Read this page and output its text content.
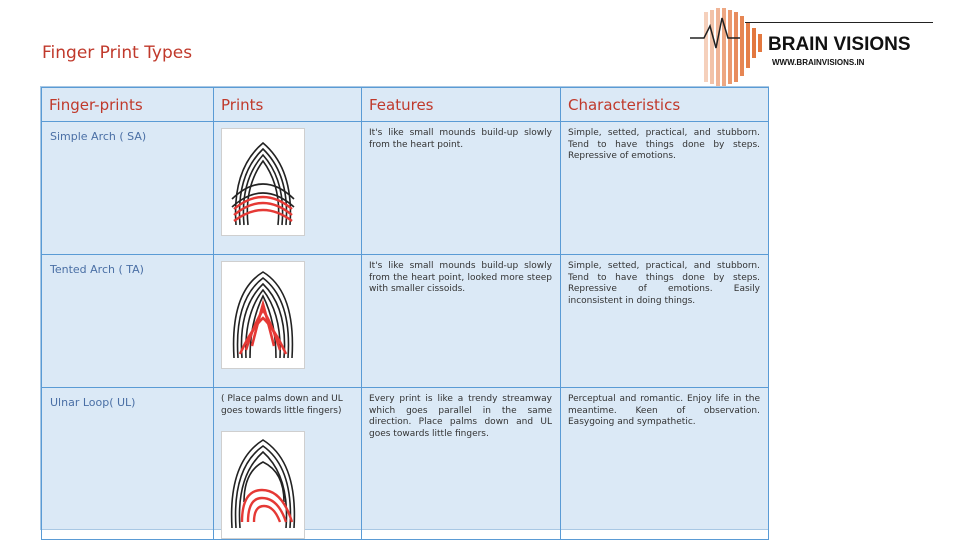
Finger Print Types	BRAIN VISIONS
WWW.BRAINVISIONS.IN
Finger-prints	Prints	Features	Characteristics
Simple Arch ( SA)		It's like small mounds build-up slowly from the heart point.	Simple, setted, practical, and stubborn. Tend to have things done by steps. Repressive of emotions.
Tented Arch ( TA)		It's like small mounds build-up slowly from the heart point, looked more steep with smaller cissoids.	Simple, setted, practical, and stubborn. Tend to have things done by steps. Repressive of emotions. Easily inconsistent in doing things.
Ulnar Loop( UL)	( Place palms down and UL goes towards little fingers)	Every print is like a trendy streamway which goes parallel in the same direction. Place palms down and UL goes towards little fingers.	Perceptual and romantic. Enjoy life in the meantime. Keen of observation. Easygoing and sympathetic.
